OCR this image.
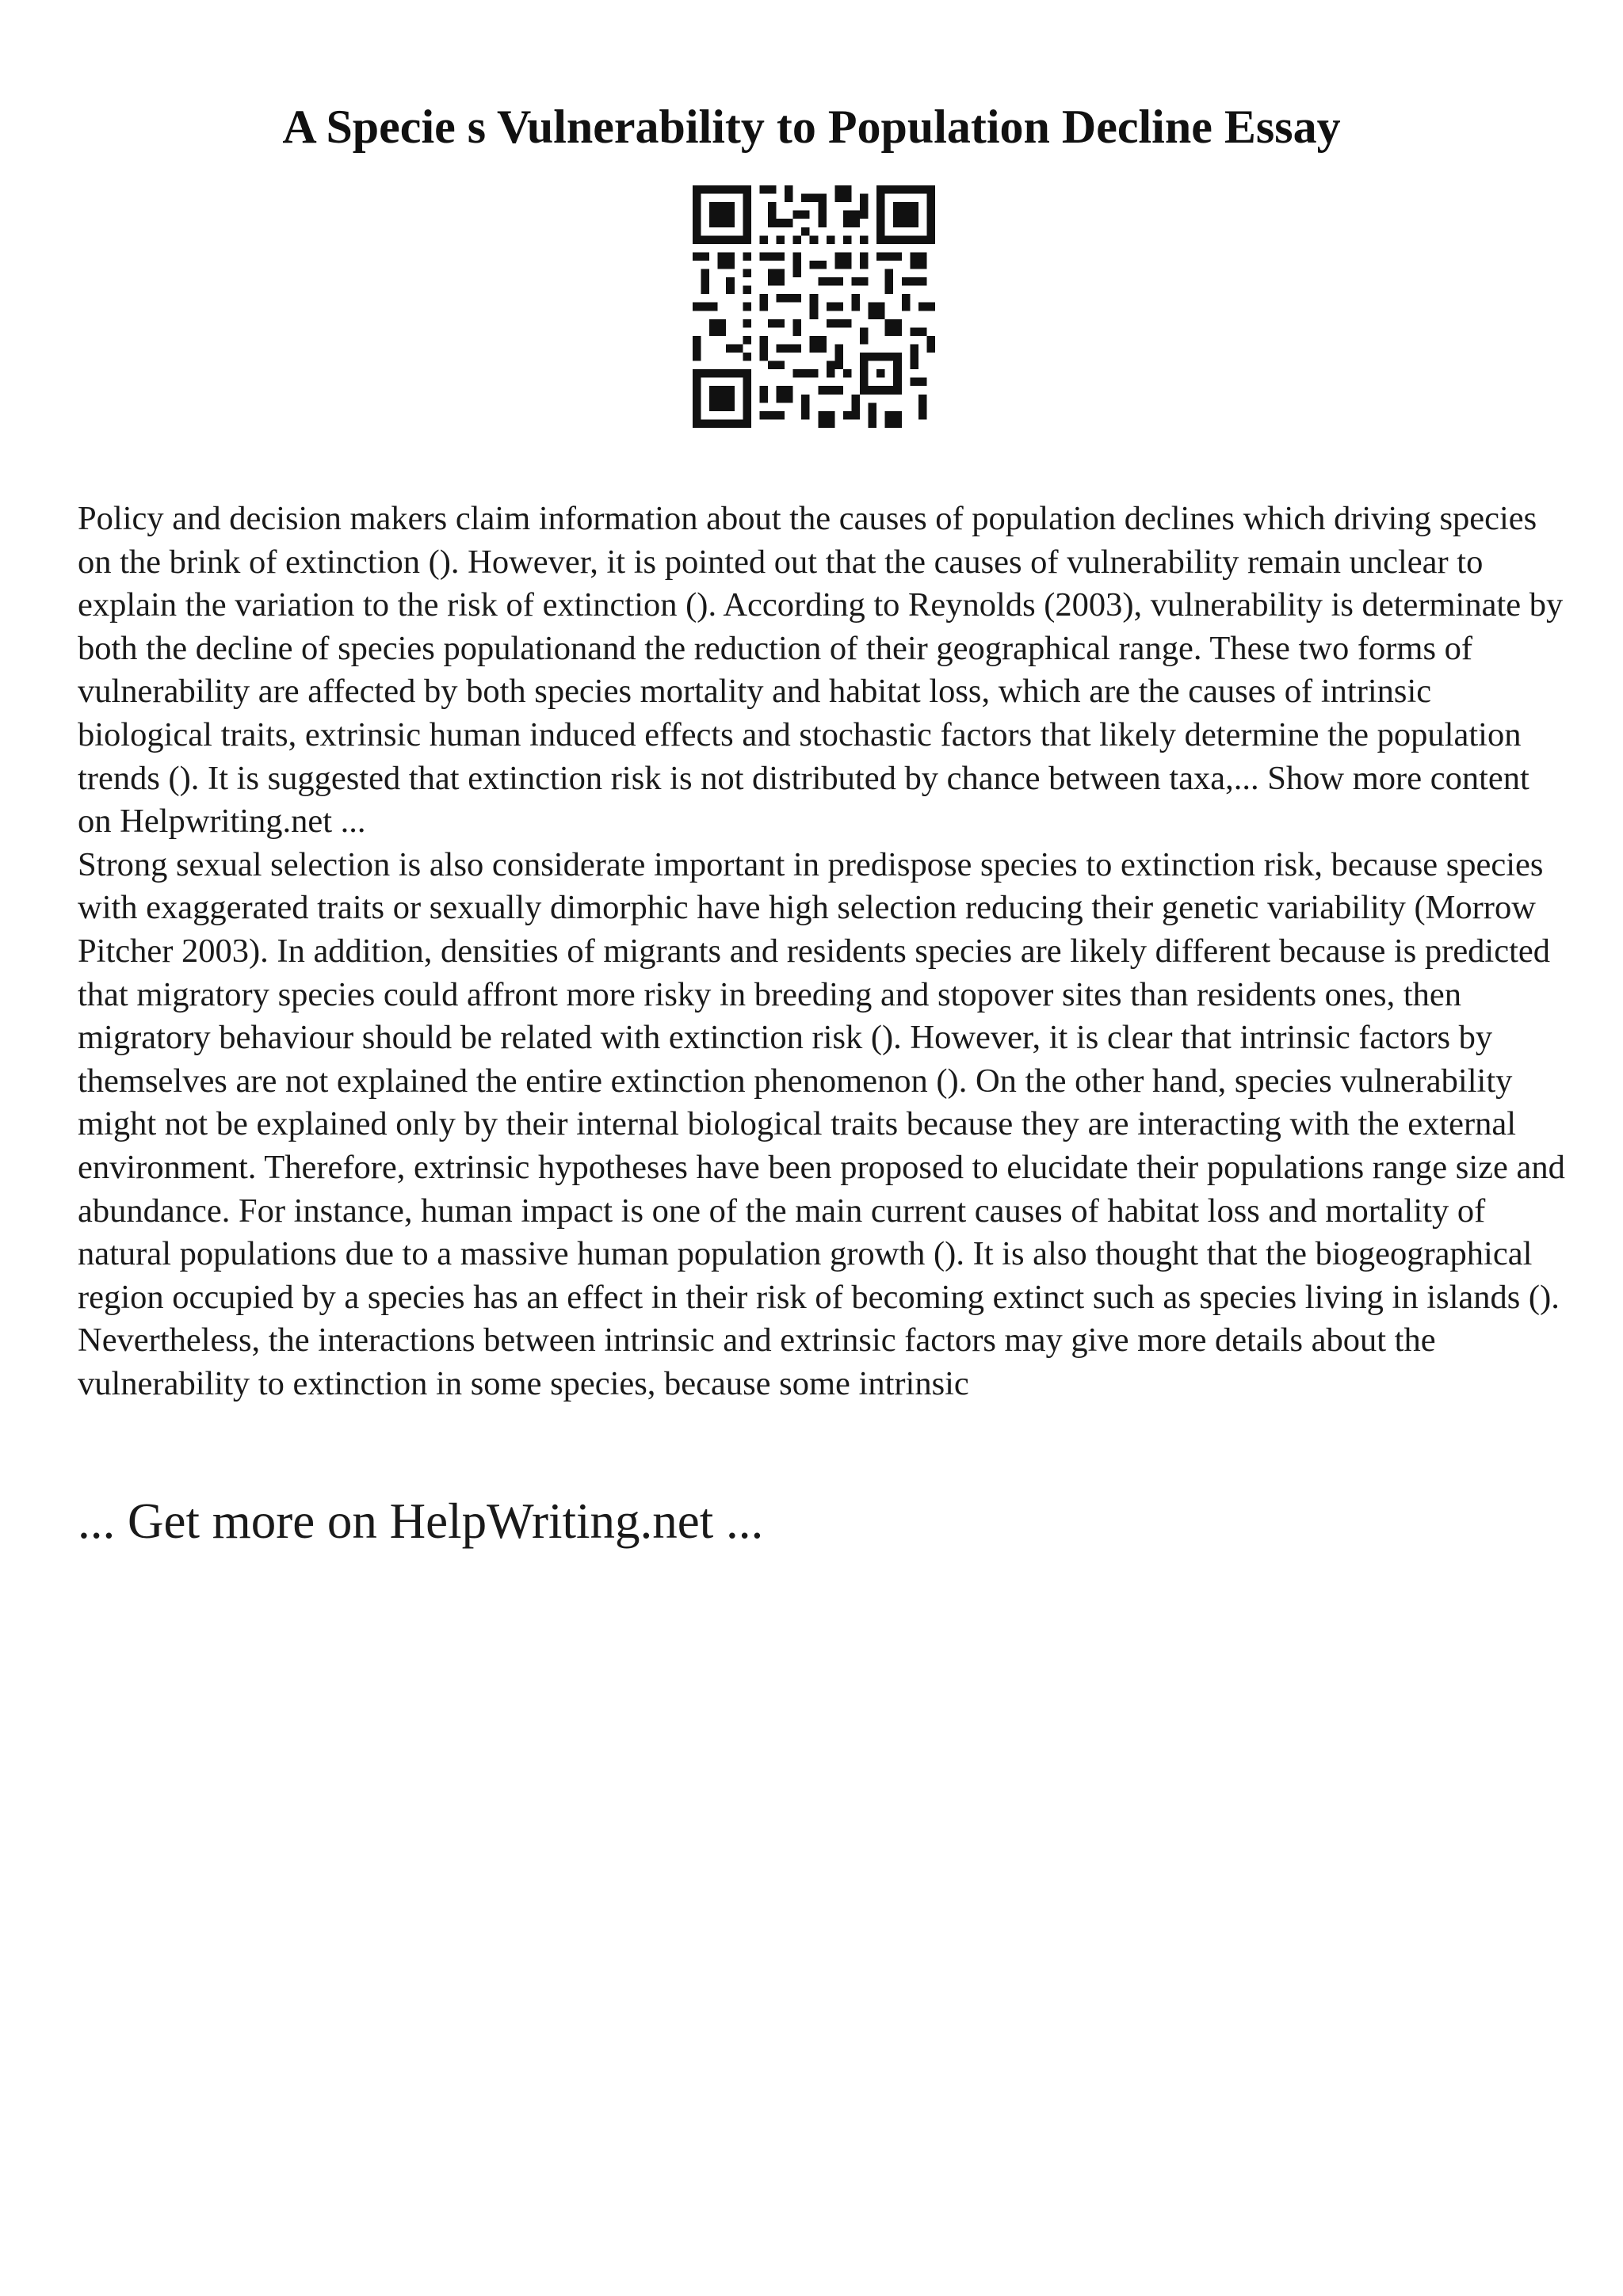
A Specie s Vulnerability to Population Decline Essay

Policy and decision makers claim information about the causes of population declines which driving species on the brink of extinction (). However, it is pointed out that the causes of vulnerability remain unclear to explain the variation to the risk of extinction (). According to Reynolds (2003), vulnerability is determinate by both the decline of species populationand the reduction of their geographical range. These two forms of vulnerability are affected by both species mortality and habitat loss, which are the causes of intrinsic biological traits, extrinsic human induced effects and stochastic factors that likely determine the population trends (). It is suggested that extinction risk is not distributed by chance between taxa,... Show more content on Helpwriting.net ...

Strong sexual selection is also considerate important in predispose species to extinction risk, because species with exaggerated traits or sexually dimorphic have high selection reducing their genetic variability (Morrow Pitcher 2003). In addition, densities of migrants and residents species are likely different because is predicted that migratory species could affront more risky in breeding and stopover sites than residents ones, then migratory behaviour should be related with extinction risk (). However, it is clear that intrinsic factors by themselves are not explained the entire extinction phenomenon (). On the other hand, species vulnerability might not be explained only by their internal biological traits because they are interacting with the external environment. Therefore, extrinsic hypotheses have been proposed to elucidate their populations range size and abundance. For instance, human impact is one of the main current causes of habitat loss and mortality of natural populations due to a massive human population growth (). It is also thought that the biogeographical region occupied by a species has an effect in their risk of becoming extinct such as species living in islands (). Nevertheless, the interactions between intrinsic and extrinsic factors may give more details about the vulnerability to extinction in some species, because some intrinsic

... Get more on HelpWriting.net ...
